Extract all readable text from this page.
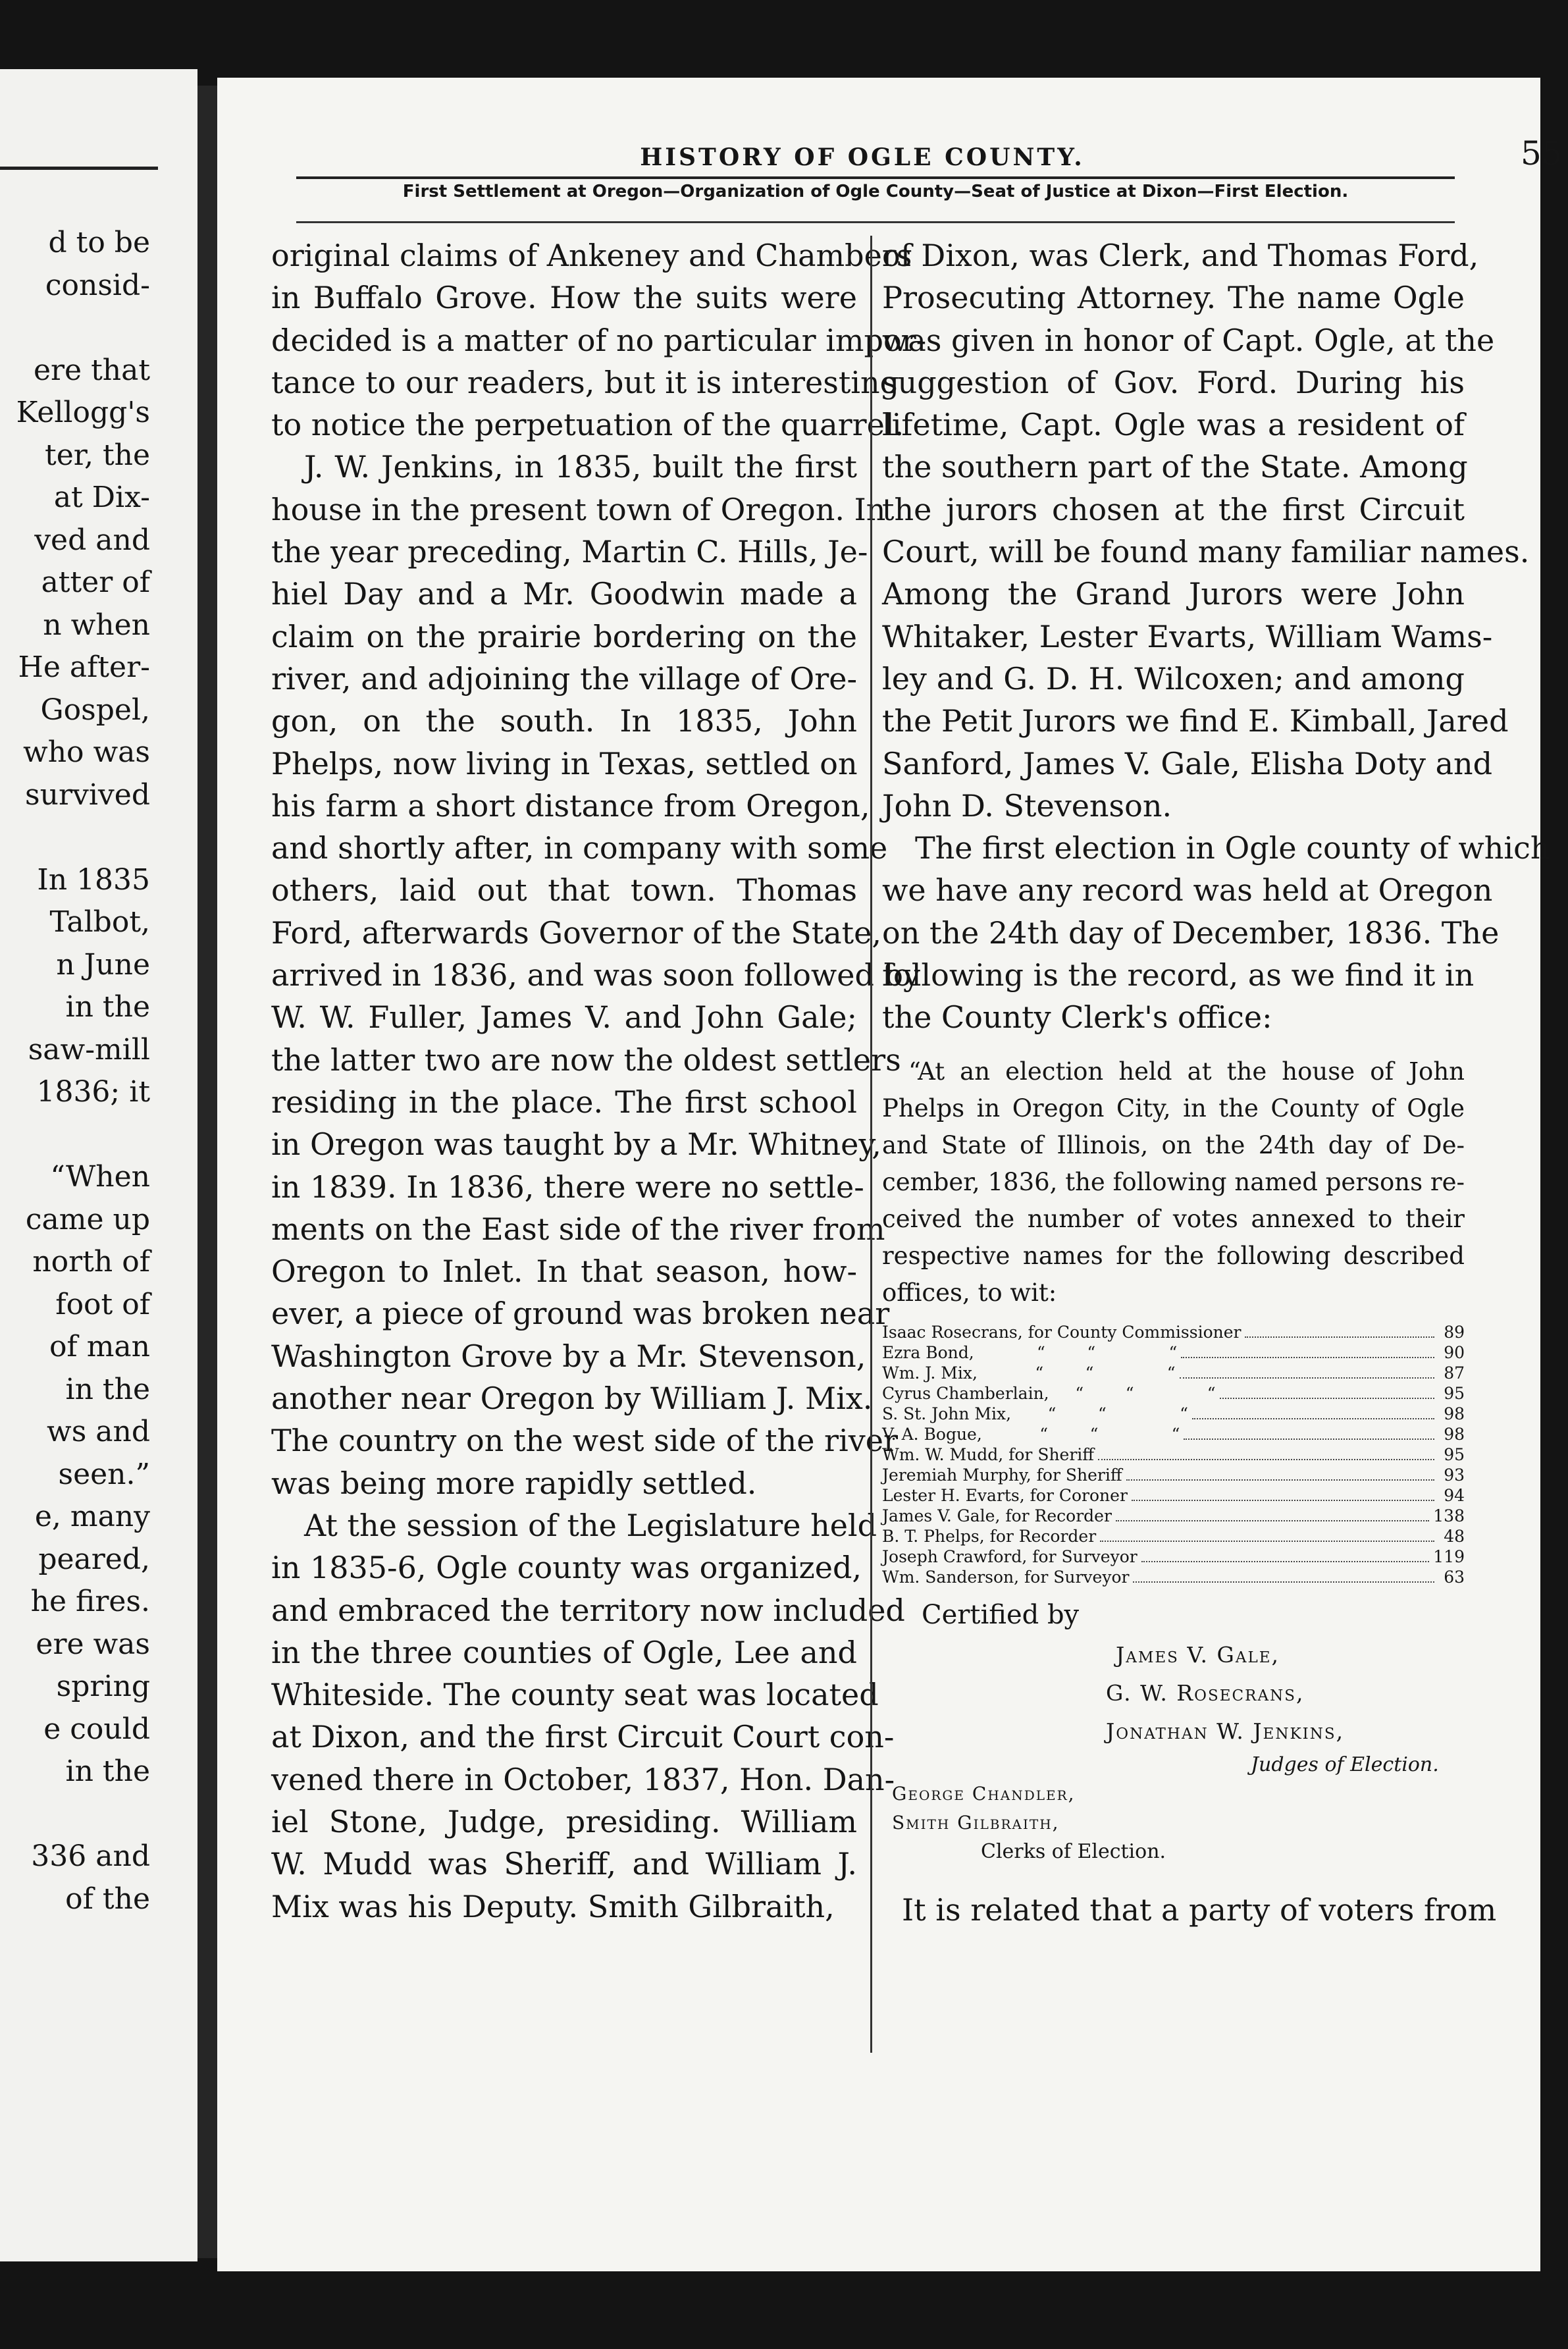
d to be
consid-
ere that
Kellogg's
ter, the
at Dix-
ved and
atter of
n when
He after-
Gospel,
who was
survived
In 1835
Talbot,
n June
in the
saw-mill
1836; it
“When
came up
north of
foot of
of man
in the
ws and
seen.”
e, many
peared,
he fires.
ere was
spring
e could
in the
336 and
of the
HISTORY OF OGLE COUNTY.	55
First Settlement at Oregon—Organization of Ogle County—Seat of Justice at Dixon—First Election.
original claims of Ankeney and Chambers
in Buffalo Grove. How the suits were
decided is a matter of no particular impor-
tance to our readers, but it is interesting
to notice the perpetuation of the quarrel.
J. W. Jenkins, in 1835, built the first
house in the present town of Oregon. In
the year preceding, Martin C. Hills, Je-
hiel Day and a Mr. Goodwin made a
claim on the prairie bordering on the
river, and adjoining the village of Ore-
gon, on the south. In 1835, John
Phelps, now living in Texas, settled on
his farm a short distance from Oregon,
and shortly after, in company with some
others, laid out that town. Thomas
Ford, afterwards Governor of the State,
arrived in 1836, and was soon followed by
W. W. Fuller, James V. and John Gale;
the latter two are now the oldest settlers
residing in the place. The first school
in Oregon was taught by a Mr. Whitney,
in 1839. In 1836, there were no settle-
ments on the East side of the river from
Oregon to Inlet. In that season, how-
ever, a piece of ground was broken near
Washington Grove by a Mr. Stevenson,
another near Oregon by William J. Mix.
The country on the west side of the river
was being more rapidly settled.
At the session of the Legislature held
in 1835-6, Ogle county was organized,
and embraced the territory now included
in the three counties of Ogle, Lee and
Whiteside. The county seat was located
at Dixon, and the first Circuit Court con-
vened there in October, 1837, Hon. Dan-
iel Stone, Judge, presiding. William
W. Mudd was Sheriff, and William J.
Mix was his Deputy. Smith Gilbraith,
of Dixon, was Clerk, and Thomas Ford,
Prosecuting Attorney. The name Ogle
was given in honor of Capt. Ogle, at the
suggestion of Gov. Ford. During his
lifetime, Capt. Ogle was a resident of
the southern part of the State. Among
the jurors chosen at the first Circuit
Court, will be found many familiar names.
Among the Grand Jurors were John
Whitaker, Lester Evarts, William Wams-
ley and G. D. H. Wilcoxen; and among
the Petit Jurors we find E. Kimball, Jared
Sanford, James V. Gale, Elisha Doty and
John D. Stevenson.
The first election in Ogle county of which
we have any record was held at Oregon
on the 24th day of December, 1836. The
following is the record, as we find it in
the County Clerk's office:
“At an election held at the house of John
Phelps in Oregon City, in the County of Ogle
and State of Illinois, on the 24th day of De-
cember, 1836, the following named persons re-
ceived the number of votes annexed to their
respective names for the following described
offices, to wit:
Isaac Rosecrans, for County Commissioner	89
Ezra Bond,            “        “              “	90
Wm. J. Mix,           “        “              “	87
Cyrus Chamberlain,     “        “              “	95
S. St. John Mix,       “        “              “	98
V. A. Bogue,           “        “              “	98
Wm. W. Mudd, for Sheriff	95
Jeremiah Murphy, for Sheriff	93
Lester H. Evarts, for Coroner	94
James V. Gale, for Recorder	138
B. T. Phelps, for Recorder	48
Joseph Crawford, for Surveyor	119
Wm. Sanderson, for Surveyor	63
Certified by
James V. Gale,
G. W. Rosecrans,
Jonathan W. Jenkins,
Judges of Election.
George Chandler,
Smith Gilbraith,
Clerks of Election.
It is related that a party of voters from
